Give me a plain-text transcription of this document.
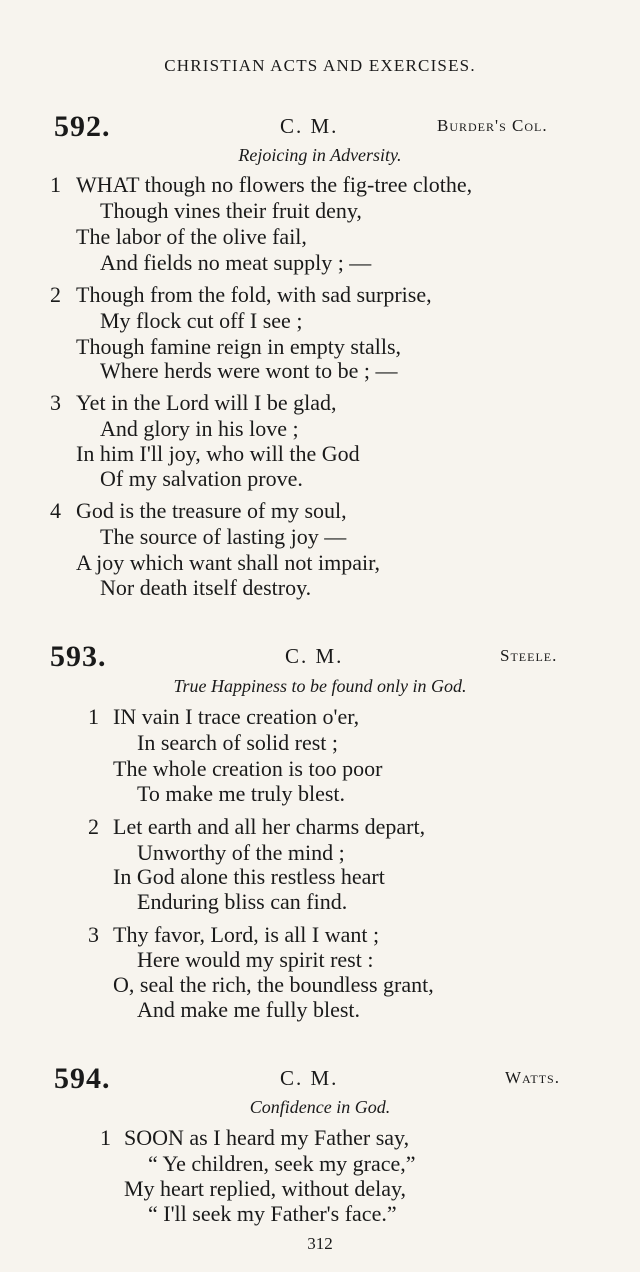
CHRISTIAN ACTS AND EXERCISES.
592.	C. M.	Burder's Col.
Rejoicing in Adversity.
1 WHAT though no flowers the fig-tree clothe,
Though vines their fruit deny,
The labor of the olive fail,
And fields no meat supply ; —
2 Though from the fold, with sad surprise,
My flock cut off I see ;
Though famine reign in empty stalls,
Where herds were wont to be ; —
3 Yet in the Lord will I be glad,
And glory in his love ;
In him I'll joy, who will the God
Of my salvation prove.
4 God is the treasure of my soul,
The source of lasting joy —
A joy which want shall not impair,
Nor death itself destroy.
593.	C. M.	Steele.
True Happiness to be found only in God.
1 IN vain I trace creation o'er,
In search of solid rest ;
The whole creation is too poor
To make me truly blest.
2 Let earth and all her charms depart,
Unworthy of the mind ;
In God alone this restless heart
Enduring bliss can find.
3 Thy favor, Lord, is all I want ;
Here would my spirit rest :
O, seal the rich, the boundless grant,
And make me fully blest.
594.	C. M.	Watts.
Confidence in God.
1 SOON as I heard my Father say,
“ Ye children, seek my grace,”
My heart replied, without delay,
“ I'll seek my Father's face.”
312
